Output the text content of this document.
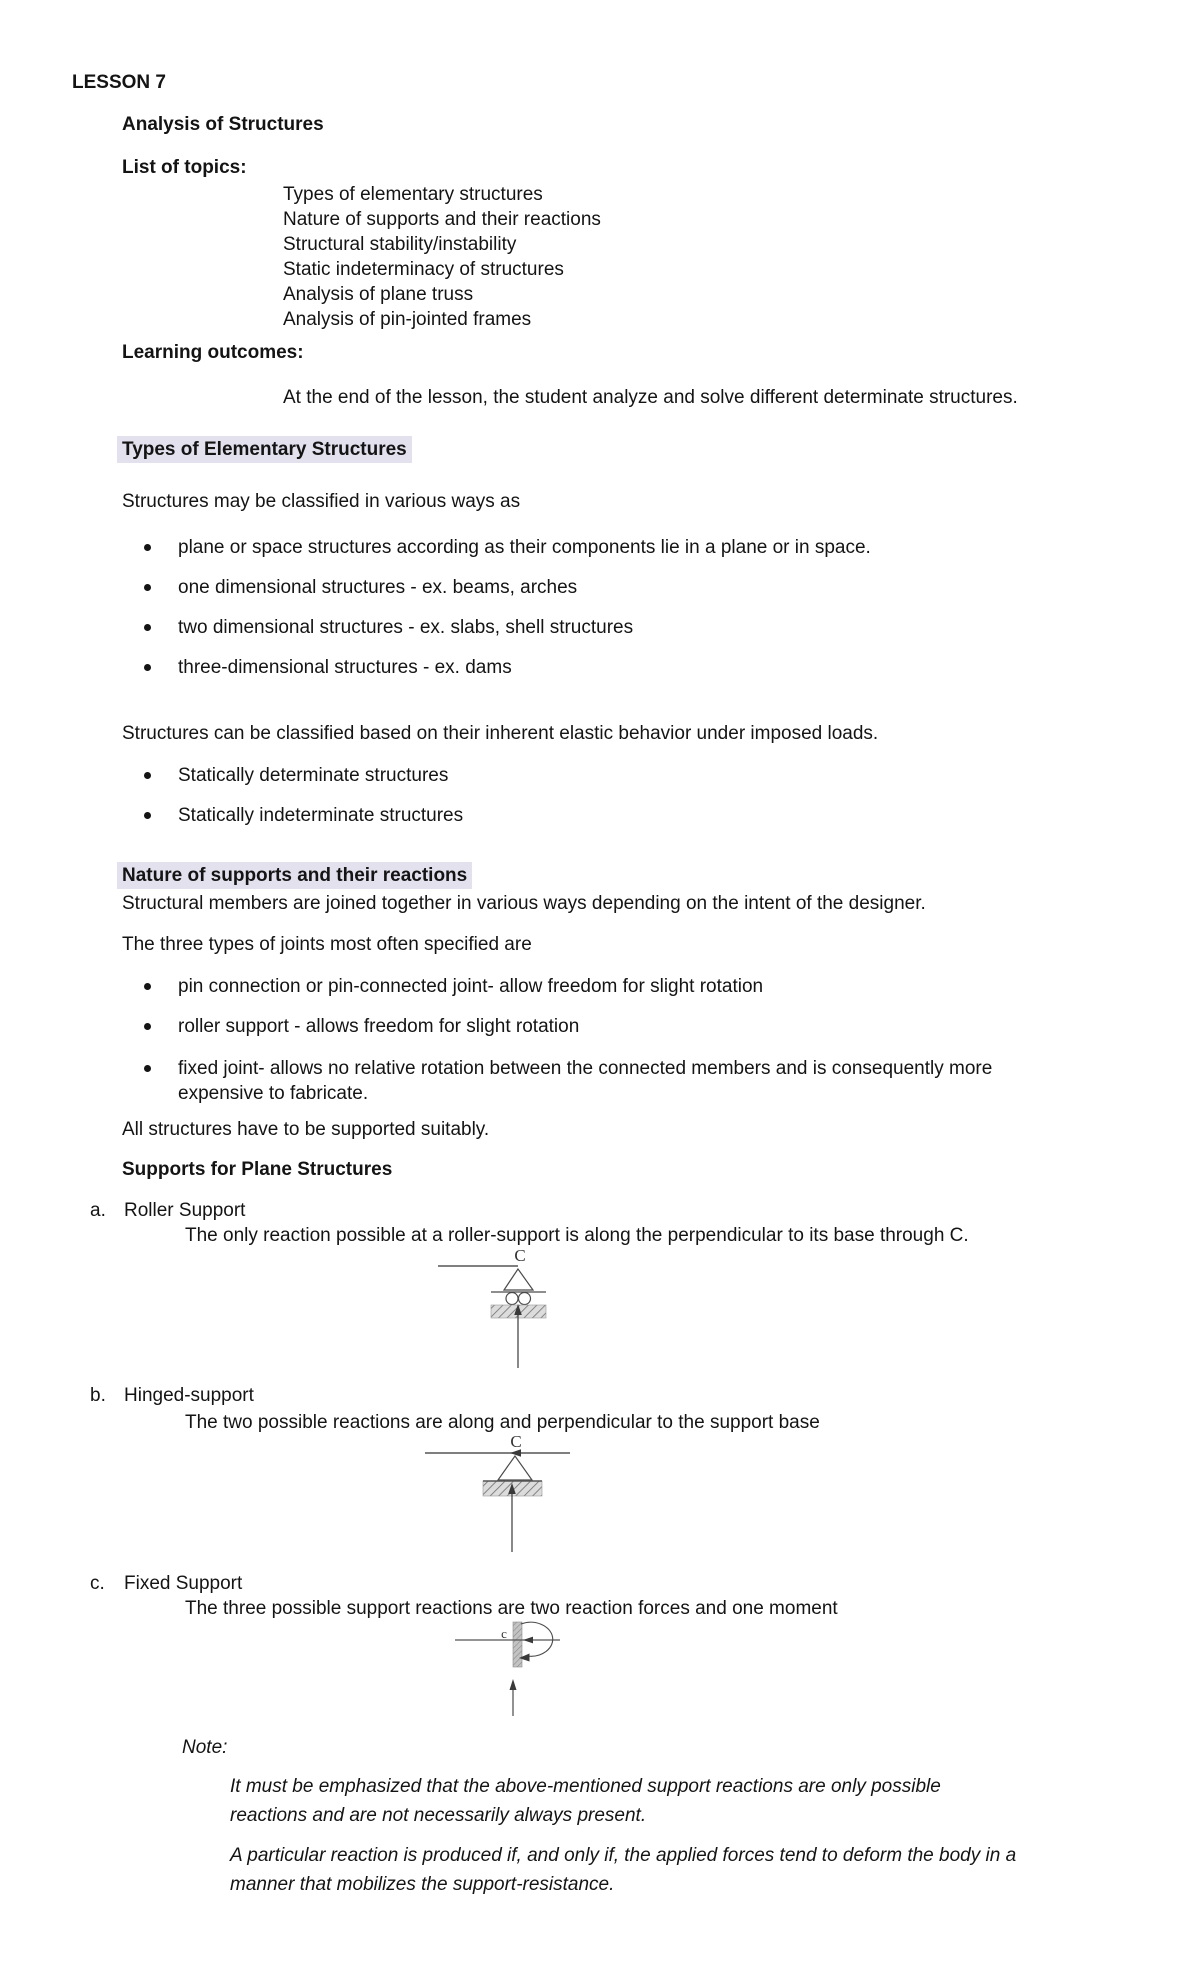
LESSON 7
Analysis of Structures
List of topics:
Types of elementary structures
Nature of supports and their reactions
Structural stability/instability
Static indeterminacy of structures
Analysis of plane truss
Analysis of pin-jointed frames
Learning outcomes:
At the end of the lesson, the student analyze and solve different determinate structures.
Types of Elementary Structures
Structures may be classified in various ways as
plane or space structures according as their components lie in a plane or in space.
one dimensional structures - ex. beams, arches
two dimensional structures - ex. slabs, shell structures
three-dimensional structures - ex. dams
Structures can be classified based on their inherent elastic behavior under imposed loads.
Statically determinate structures
Statically indeterminate structures
Nature of supports and their reactions
Structural members are joined together in various ways depending on the intent of the designer.
The three types of joints most often specified are
pin connection or pin-connected joint- allow freedom for slight rotation
roller support - allows freedom for slight rotation
fixed joint- allows no relative rotation between the connected members and is consequently more
expensive to fabricate.
All structures have to be supported suitably.
Supports for Plane Structures
a. Roller Support
The only reaction possible at a roller-support is along the perpendicular to its base through C.
C
b. Hinged-support
The two possible reactions are along and perpendicular to the support base
C
c. Fixed Support
The three possible support reactions are two reaction forces and one moment
c
Note:
It must be emphasized that the above-mentioned support reactions are only possible
reactions and are not necessarily always present.
A particular reaction is produced if, and only if, the applied forces tend to deform the body in a
manner that mobilizes the support-resistance.
